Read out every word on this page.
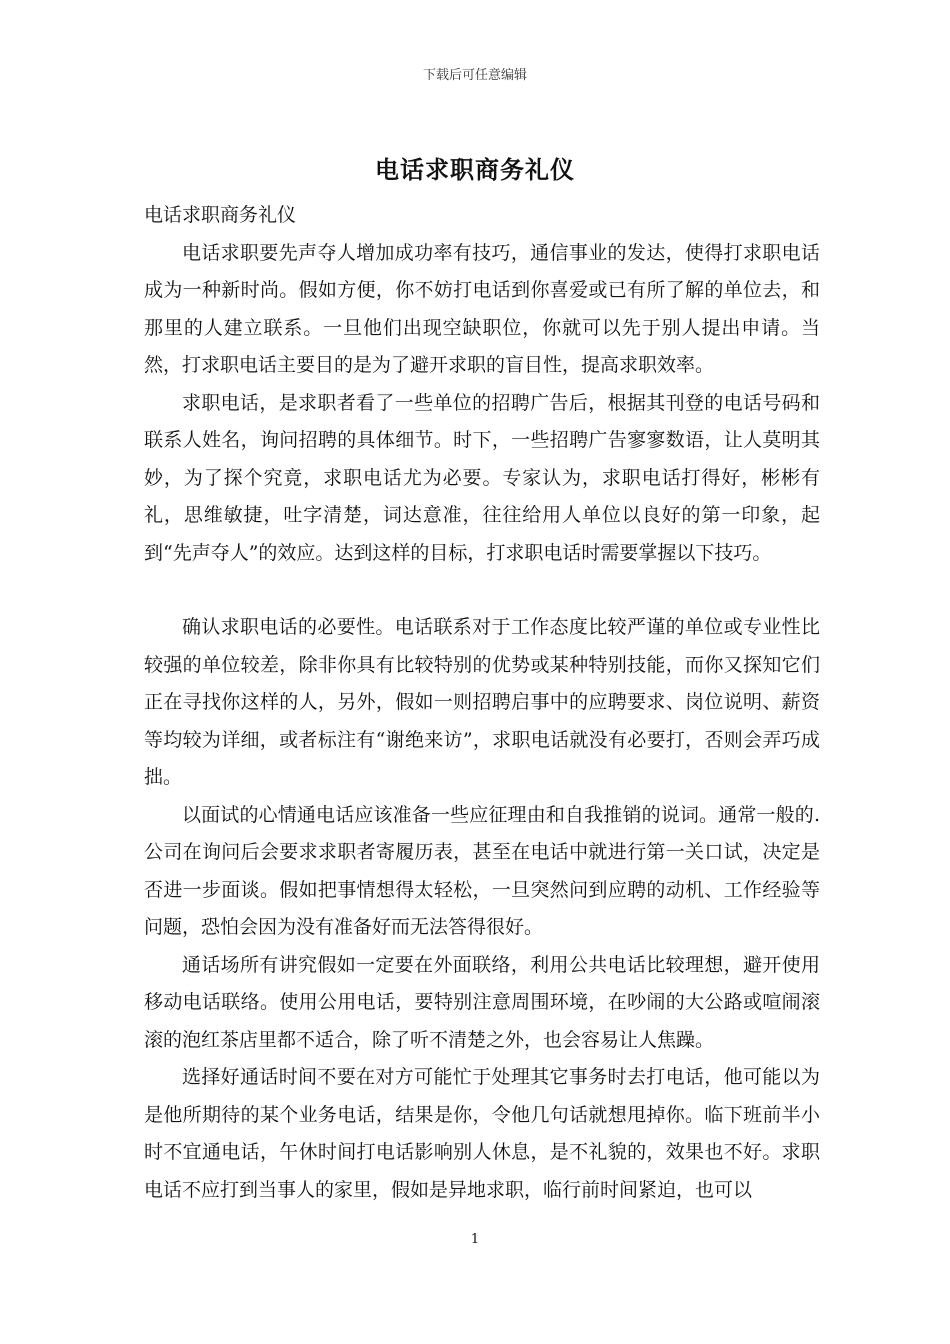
下载后可任意编辑
电话求职商务礼仪

电话求职商务礼仪

电话求职要先声夺人增加成功率有技巧，通信事业的发达，使得打求职电话成为一种新时尚。假如方便，你不妨打电话到你喜爱或已有所了解的单位去，和那里的人建立联系。一旦他们出现空缺职位，你就可以先于别人提出申请。当然，打求职电话主要目的是为了避开求职的盲目性，提高求职效率。

求职电话，是求职者看了一些单位的招聘广告后，根据其刊登的电话号码和联系人姓名，询问招聘的具体细节。时下，一些招聘广告寥寥数语，让人莫明其妙，为了探个究竟，求职电话尤为必要。专家认为，求职电话打得好，彬彬有礼，思维敏捷，吐字清楚，词达意准，往往给用人单位以良好的第一印象，起到“先声夺人”的效应。达到这样的目标，打求职电话时需要掌握以下技巧。

确认求职电话的必要性。电话联系对于工作态度比较严谨的单位或专业性比较强的单位较差，除非你具有比较特别的优势或某种特别技能，而你又探知它们正在寻找你这样的人，另外，假如一则招聘启事中的应聘要求、岗位说明、薪资等均较为详细，或者标注有“谢绝来访”，求职电话就没有必要打，否则会弄巧成拙。

以面试的心情通电话应该准备一些应征理由和自我推销的说词。通常一般的.公司在询问后会要求求职者寄履历表，甚至在电话中就进行第一关口试，决定是否进一步面谈。假如把事情想得太轻松，一旦突然问到应聘的动机、工作经验等问题，恐怕会因为没有准备好而无法答得很好。

通话场所有讲究假如一定要在外面联络，利用公共电话比较理想，避开使用移动电话联络。使用公用电话，要特别注意周围环境，在吵闹的大公路或喧闹滚滚的泡红茶店里都不适合，除了听不清楚之外，也会容易让人焦躁。

选择好通话时间不要在对方可能忙于处理其它事务时去打电话，他可能以为是他所期待的某个业务电话，结果是你，令他几句话就想甩掉你。临下班前半小时不宜通电话，午休时间打电话影响别人休息，是不礼貌的，效果也不好。求职电话不应打到当事人的家里，假如是异地求职，临行前时间紧迫，也可以

1
